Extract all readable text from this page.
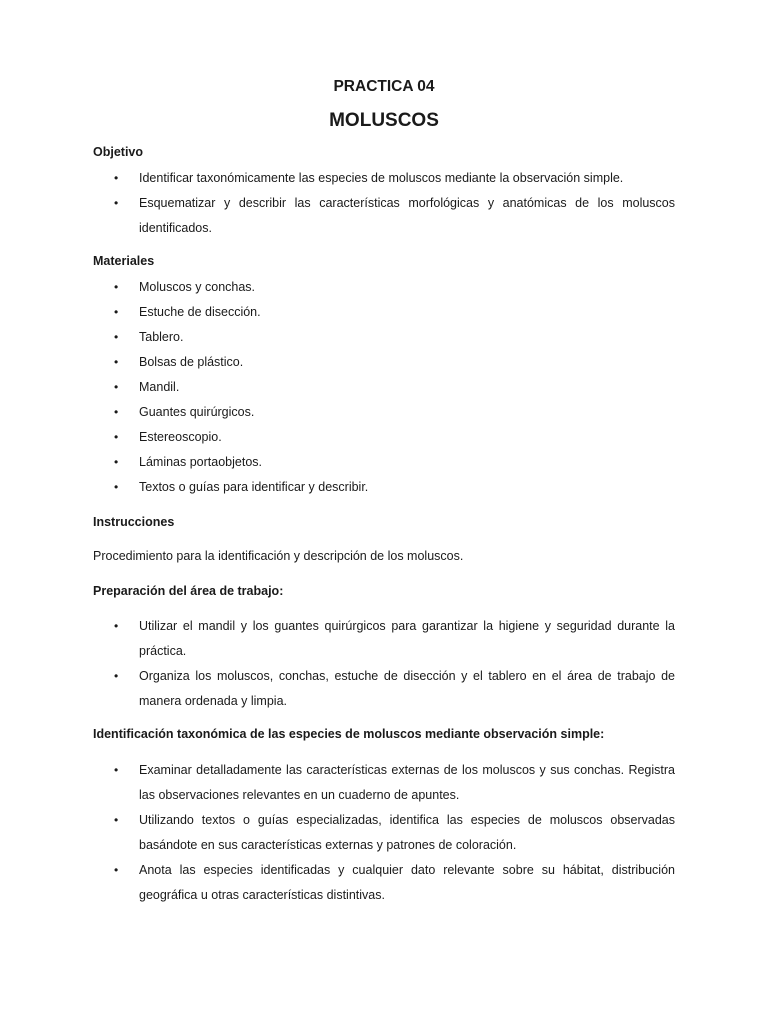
PRACTICA 04
MOLUSCOS

Objetivo

• Identificar taxonómicamente las especies de moluscos mediante la observación simple.
• Esquematizar y describir las características morfológicas y anatómicas de los moluscos identificados.

Materiales

• Moluscos y conchas.
• Estuche de disección.
• Tablero.
• Bolsas de plástico.
• Mandil.
• Guantes quirúrgicos.
• Estereoscopio.
• Láminas portaobjetos.
• Textos o guías para identificar y describir.

Instrucciones

Procedimiento para la identificación y descripción de los moluscos.

Preparación del área de trabajo:

• Utilizar el mandil y los guantes quirúrgicos para garantizar la higiene y seguridad durante la práctica.
• Organiza los moluscos, conchas, estuche de disección y el tablero en el área de trabajo de manera ordenada y limpia.

Identificación taxonómica de las especies de moluscos mediante observación simple:

• Examinar detalladamente las características externas de los moluscos y sus conchas. Registra las observaciones relevantes en un cuaderno de apuntes.
• Utilizando textos o guías especializadas, identifica las especies de moluscos observadas basándote en sus características externas y patrones de coloración.
• Anota las especies identificadas y cualquier dato relevante sobre su hábitat, distribución geográfica u otras características distintivas.
